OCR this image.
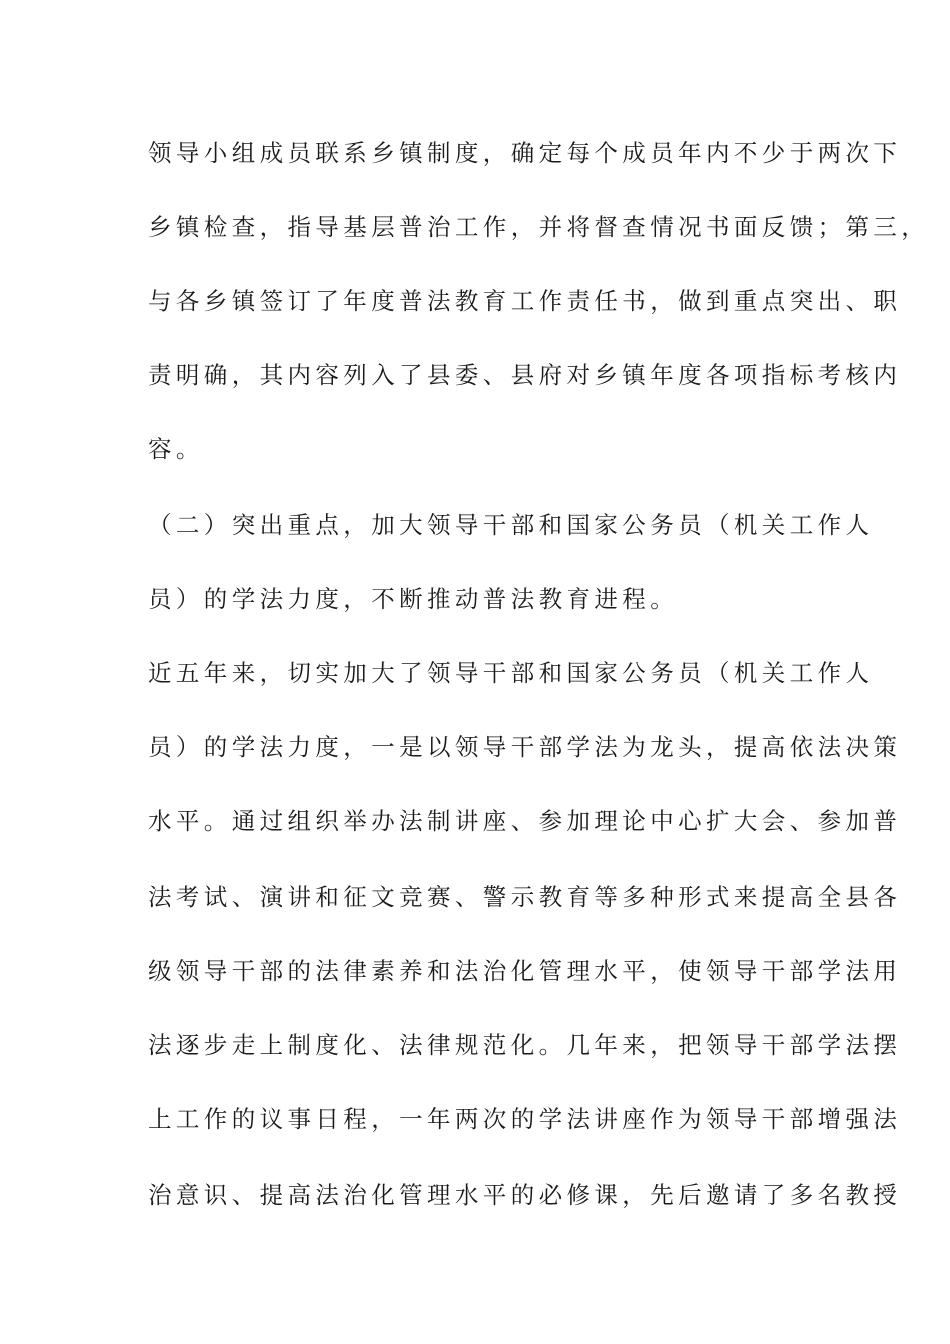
领导小组成员联系乡镇制度，确定每个成员年内不少于两次下
乡镇检查，指导基层普治工作，并将督查情况书面反馈；第三，
与各乡镇签订了年度普法教育工作责任书，做到重点突出、职
责明确，其内容列入了县委、县府对乡镇年度各项指标考核内
容。
（二）突出重点，加大领导干部和国家公务员（机关工作人
员）的学法力度，不断推动普法教育进程。
近五年来，切实加大了领导干部和国家公务员（机关工作人
员）的学法力度，一是以领导干部学法为龙头，提高依法决策
水平。通过组织举办法制讲座、参加理论中心扩大会、参加普
法考试、演讲和征文竞赛、警示教育等多种形式来提高全县各
级领导干部的法律素养和法治化管理水平，使领导干部学法用
法逐步走上制度化、法律规范化。几年来，把领导干部学法摆
上工作的议事日程，一年两次的学法讲座作为领导干部增强法
治意识、提高法治化管理水平的必修课，先后邀请了多名教授
